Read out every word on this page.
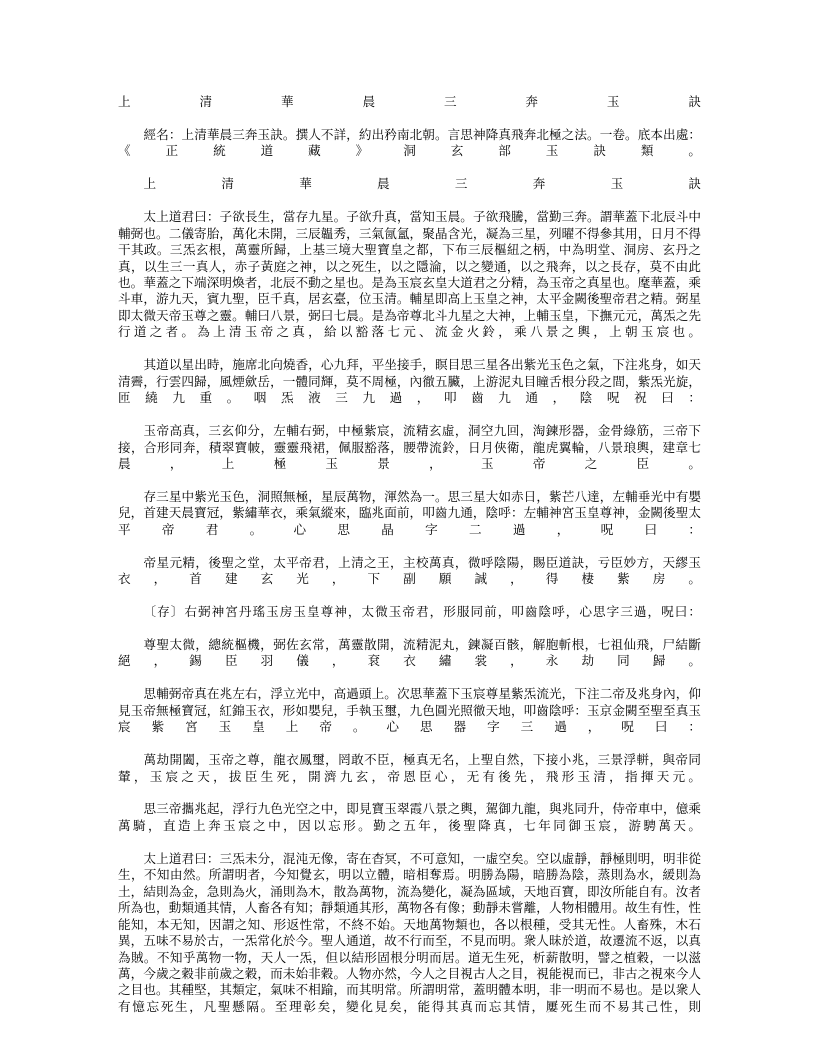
上清華晨三奔玉訣

經名：上清華晨三奔玉訣。撰人不詳，約出矜南北朝。言思神降真飛奔北極之法。一卷。底本出處：《正統道藏》洞玄部玉訣類。

上清華晨三奔玉訣

太上道君曰：子欲長生，當存九星。子欲升真，當知玉晨。子欲飛騰，當勤三奔。謂華蓋下北辰斗中輔弼也。二儀寄胎，萬化未開，三辰韞秀，三氣氤氳，聚晶含光，凝為三星，列曜不得參其用，日月不得干其政。三炁玄根，萬靈所歸，上基三境大聖寶皇之都，下布三辰樞紐之柄，中為明堂、洞房、玄丹之真，以生三一真人，赤子黃庭之神，以之死生，以之隱淪，以之變通，以之飛奔，以之長存，莫不由此也。華蓋之下端深明煥者，北辰不動之星也。是為玉宸玄皇大道君之分精，為玉帝之真星也。麾華蓋，乘斗車，游九天，賓九聖，臣千真，居玄臺，位玉清。輔星即高上玉皇之神，太平金闕後聖帝君之精。弼星即太微天帝玉尊之靈。輔曰八景，弼曰七晨。是為帝尊北斗九星之大神，上輔玉皇，下撫元元，萬炁之先行道之者。為上清玉帝之真，給以豁落七元、流金火鈴，乘八景之輿，上朝玉宸也。

其道以星出時，施席北向燒香，心九拜，平坐接手，瞑目思三星各出紫光玉色之氣，下注兆身，如天清霽，行雲四歸，風煙歛岳，一體同輝，莫不周極，內徹五臟，上游泥丸目瞳舌根分段之間，紫炁光旋，匝繞九重。咽炁液三九過，叩齒九通，陰呪祝曰：

玉帝高真，三玄仰分，左輔右弼，中極紫宸，流精玄虛，洞空九回，淘鍊形器，金骨綠筋，三帝下接，合形同奔，積翠寶帔，靈靈飛裙，佩服豁落，腰帶流鈴，日月俠衛，龍虎翼輪，八景琅輿，建章七晨，上極玉景，玉帝之臣。

存三星中紫光玉色，洞照無極，星辰萬物，渾然為一。思三星大如赤日，紫芒八達，左輔垂光中有嬰兒，首建天晨寶冠，紫繡華衣，乘氣縱來，臨兆面前，叩齒九通，陰呼：左輔神宮玉皇尊神，金闕後聖太平帝君。心思晶字二過，呪曰：

帝星元精，後聖之堂，太平帝君，上清之王，主校萬真，微呼陰陽，賜臣道訣，亏臣妙方，天繆玉衣，首建玄光，下副願誠，得棲紫房。

〔存〕右弼神宮丹瑤玉房玉皇尊神，太微玉帝君，形服同前，叩齒陰呼，心思字三過，呪曰：

尊聖太微，總統樞機，弼佐玄常，萬靈散開，流精泥丸，鍊凝百骸，解胞斬根，七祖仙飛，尸結斷絕，錫臣羽儀，袞衣繡裳，永劫同歸。

思輔弼帝真在兆左右，浮立光中，高過頭上。次思華蓋下玉宸尊星紫炁流光，下注二帝及兆身內，仰見玉帝無極寶冠，紅錦玉衣，形如嬰兒，手執玉璽，九色圓光照徹天地，叩齒陰呼：玉京金闕至聖至真玉宸紫宮玉皇上帝。心思器字三過，呪曰：

萬劫開闔，玉帝之尊，龍衣鳳璽，罔敢不臣，極真无名，上聖自然，下接小兆，三景浮軿，與帝同輦，玉宸之天，拔臣生死，開濟九玄，帝恩臣心，无有後先，飛形玉清，指揮天元。

思三帝攜兆起，浮行九色光空之中，即見寶玉翠霞八景之輿，駕御九龍，與兆同升，侍帝車中，億乘萬騎，直造上奔玉宸之中，因以忘形。勤之五年，後聖降真，七年同御玉宸，游騁萬天。

太上道君曰：三炁未分，混沌无像，寄在杳冥，不可意知，一虛空矣。空以虛靜，靜極則明，明非從生，不知由然。所謂明者，今知覺玄，明以立體，暗相奪焉。明勝為陽，暗勝為陰，蒸則為水，緩則為土，結則為金，急則為火，涌則為木，散為萬物，流為變化，凝為區域，天地百寶，即汝所能自有。汝者所為也，動類通其情，人畜各有知；靜類通其形，萬物各有像；動靜未嘗離，人物相體用。故生有性，性能知，本无知，因謂之知、形返性常，不終不始。天地萬物類也，各以根種，受其无性。人畜殊，木石異，五味不易於古，一炁常化於今。聖人通道，故不行而至，不見而明。衆人昧於道，故遷流不返，以真為賊。不知乎萬物一物，天人一炁，但以結形固根分明而居。道无生死，析薪散明，譬之植穀，一以滋萬，今歲之穀非前歲之穀，而未始非穀。人物亦然，今人之目視古人之目，視能視而已，非古之視來今人之目也。其種堅，其類定，氣味不相踰，而其明常。所謂明常，蓋明體本明，非一明而不易也。是以衆人有憶忘死生，凡聖懸隔。至理彰矣，變化見矣，能得其真而忘其情，屢死生而不易其己性，則
